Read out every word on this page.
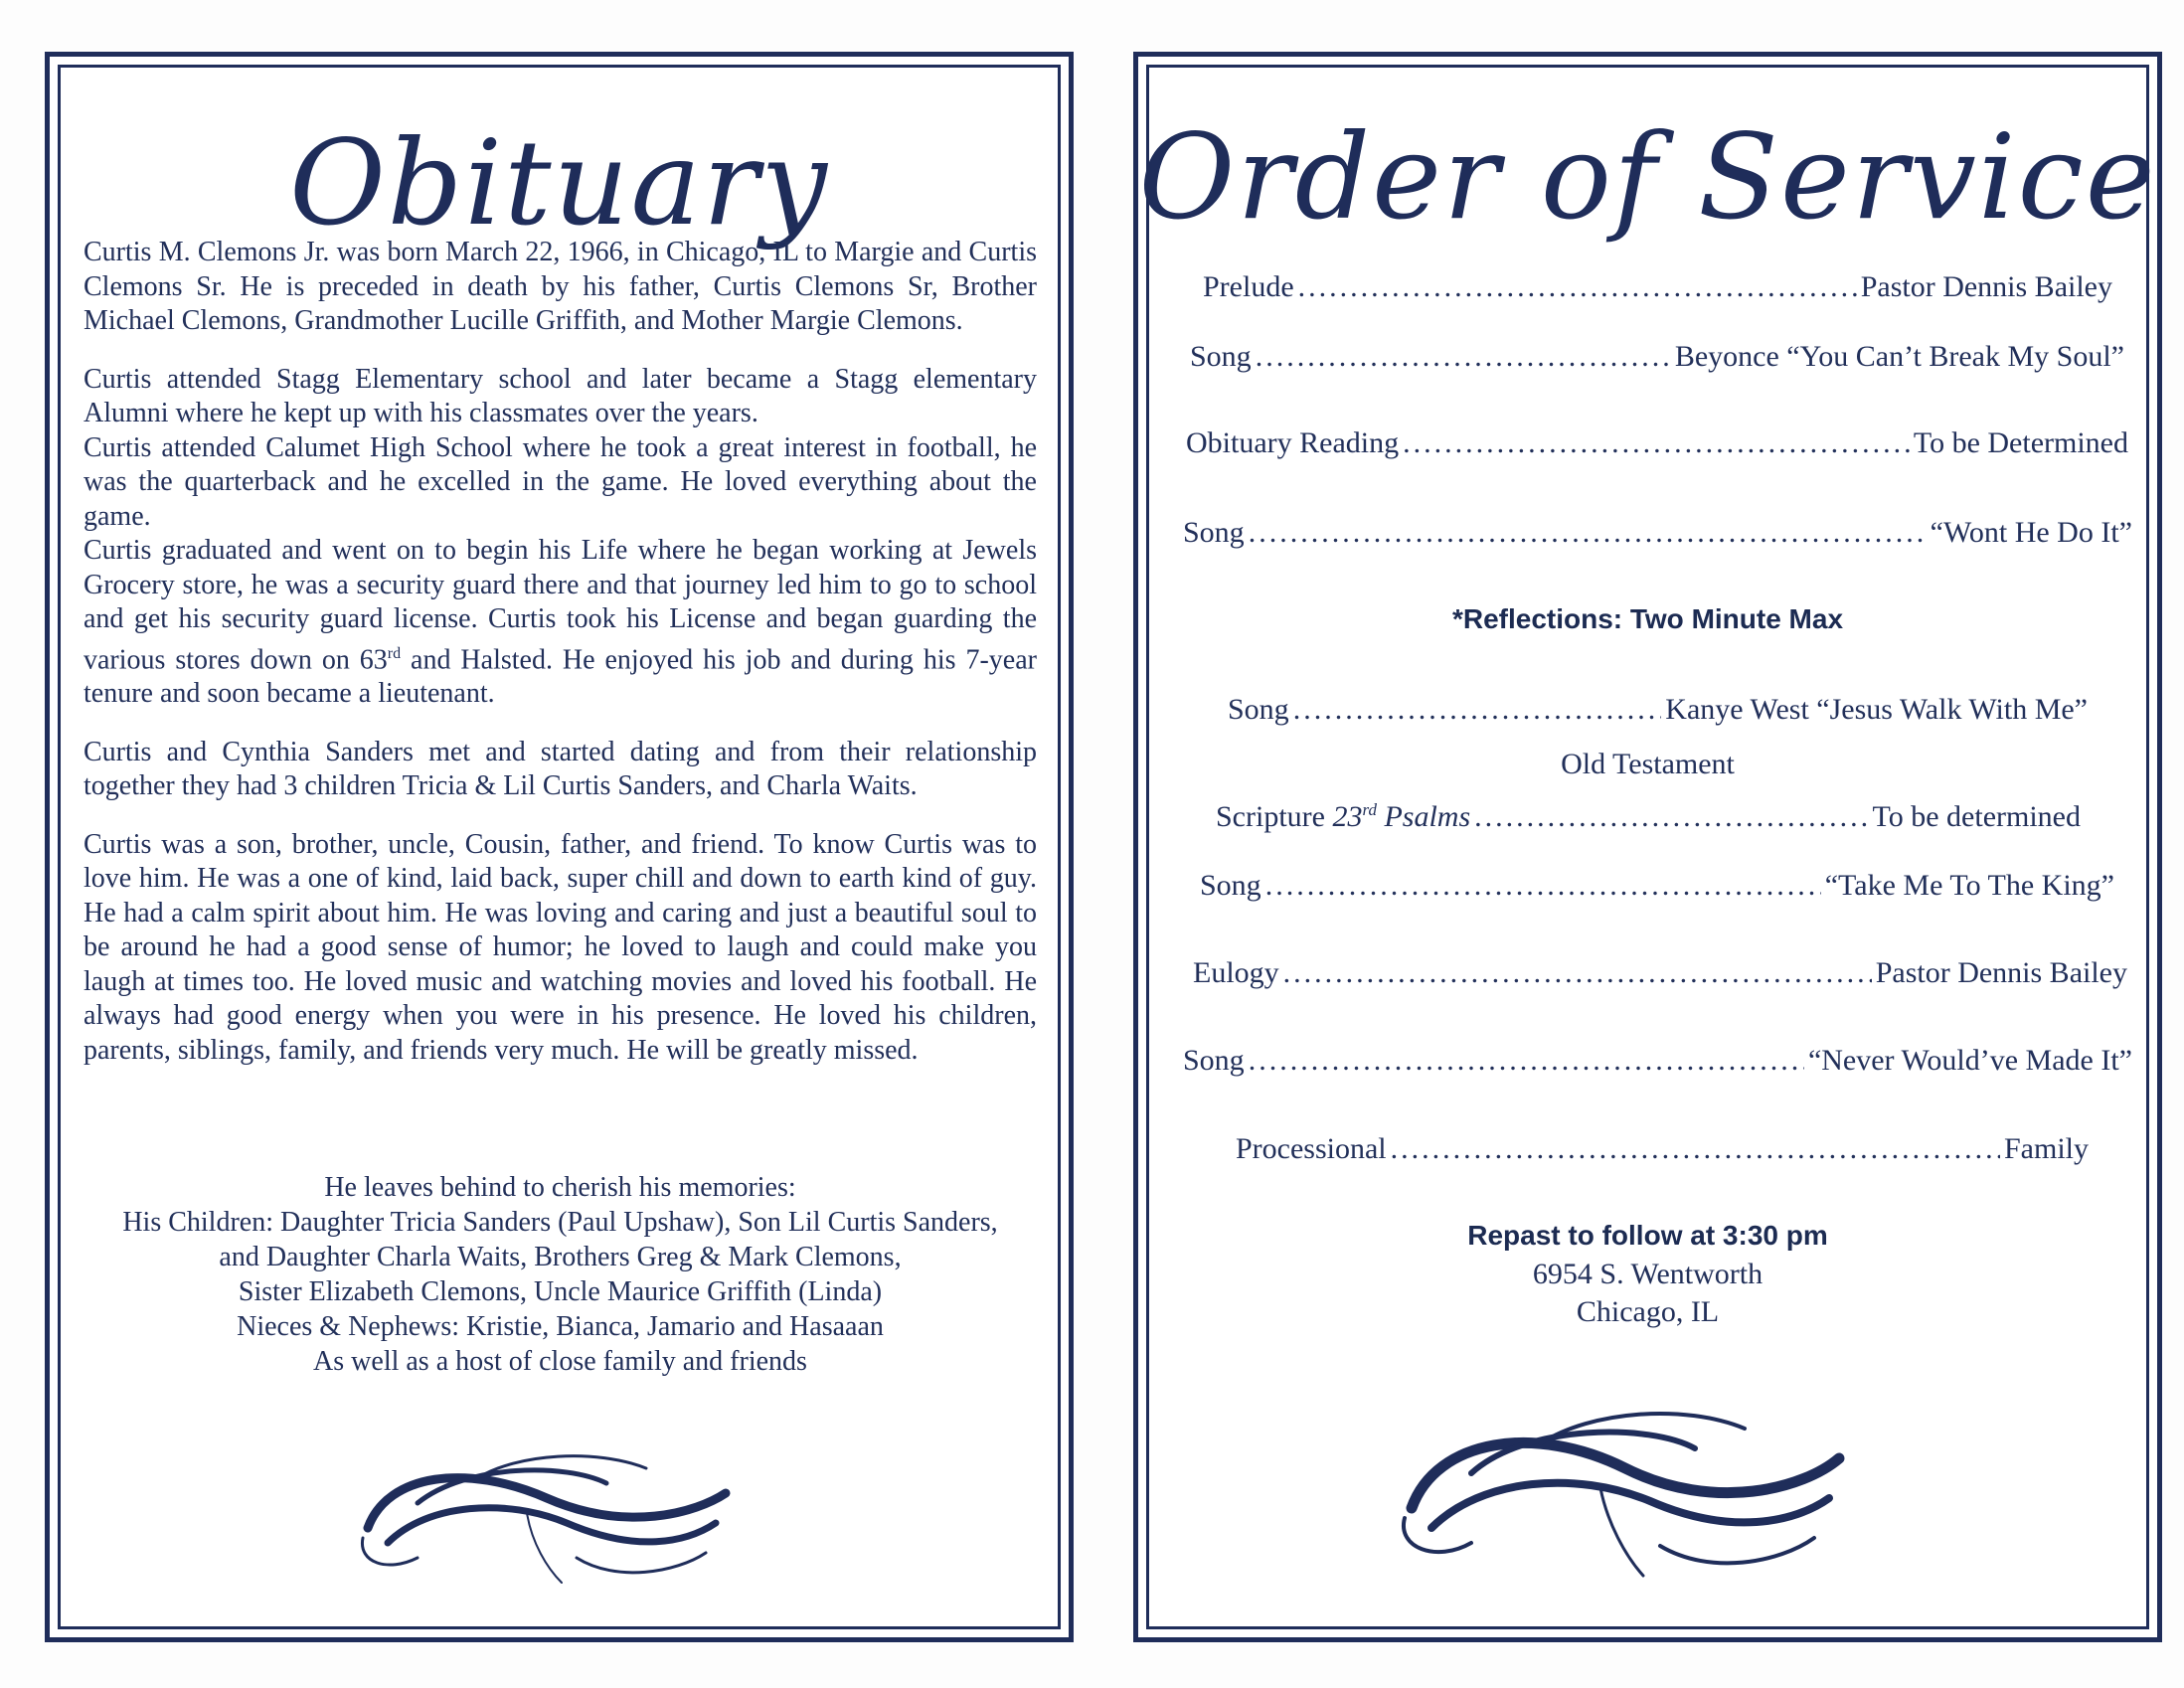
Obituary

Curtis M. Clemons Jr. was born March 22, 1966, in Chicago, IL to Margie and Curtis Clemons Sr. He is preceded in death by his father, Curtis Clemons Sr, Brother Michael Clemons, Grandmother Lucille Griffith, and Mother Margie Clemons.

Curtis attended Stagg Elementary school and later became a Stagg elementary Alumni where he kept up with his classmates over the years.

Curtis attended Calumet High School where he took a great interest in football, he was the quarterback and he excelled in the game. He loved everything about the game.

Curtis graduated and went on to begin his Life where he began working at Jewels Grocery store, he was a security guard there and that journey led him to go to school and get his security guard license. Curtis took his License and began guarding the various stores down on 63rd and Halsted. He enjoyed his job and during his 7-year tenure and soon became a lieutenant.

Curtis and Cynthia Sanders met and started dating and from their relationship together they had 3 children Tricia & Lil Curtis Sanders, and Charla Waits.

Curtis was a son, brother, uncle, Cousin, father, and friend. To know Curtis was to love him. He was a one of kind, laid back, super chill and down to earth kind of guy. He had a calm spirit about him. He was loving and caring and just a beautiful soul to be around he had a good sense of humor; he loved to laugh and could make you laugh at times too. He loved music and watching movies and loved his football. He always had good energy when you were in his presence. He loved his children, parents, siblings, family, and friends very much. He will be greatly missed.

He leaves behind to cherish his memories:
His Children: Daughter Tricia Sanders (Paul Upshaw), Son Lil Curtis Sanders,
and Daughter Charla Waits, Brothers Greg & Mark Clemons,
Sister Elizabeth Clemons, Uncle Maurice Griffith (Linda)
Nieces & Nephews: Kristie, Bianca, Jamario and Hasaaan
As well as a host of close family and friends
Order of Service
Prelude .....	Pastor Dennis Bailey
Song .....	Beyonce “You Can’t Break My Soul”
Obituary Reading .....	To be Determined
Song .....	“Wont He Do It”
*Reflections: Two Minute Max
Song .....	Kanye West “Jesus Walk With Me”
Old Testament
Scripture 23rd Psalms .....	To be determined
Song .....	“Take Me To The King”
Eulogy .....	Pastor Dennis Bailey
Song .....	“Never Would’ve Made It”
Processional .....	Family
Repast to follow at 3:30 pm
6954 S. Wentworth
Chicago, IL
